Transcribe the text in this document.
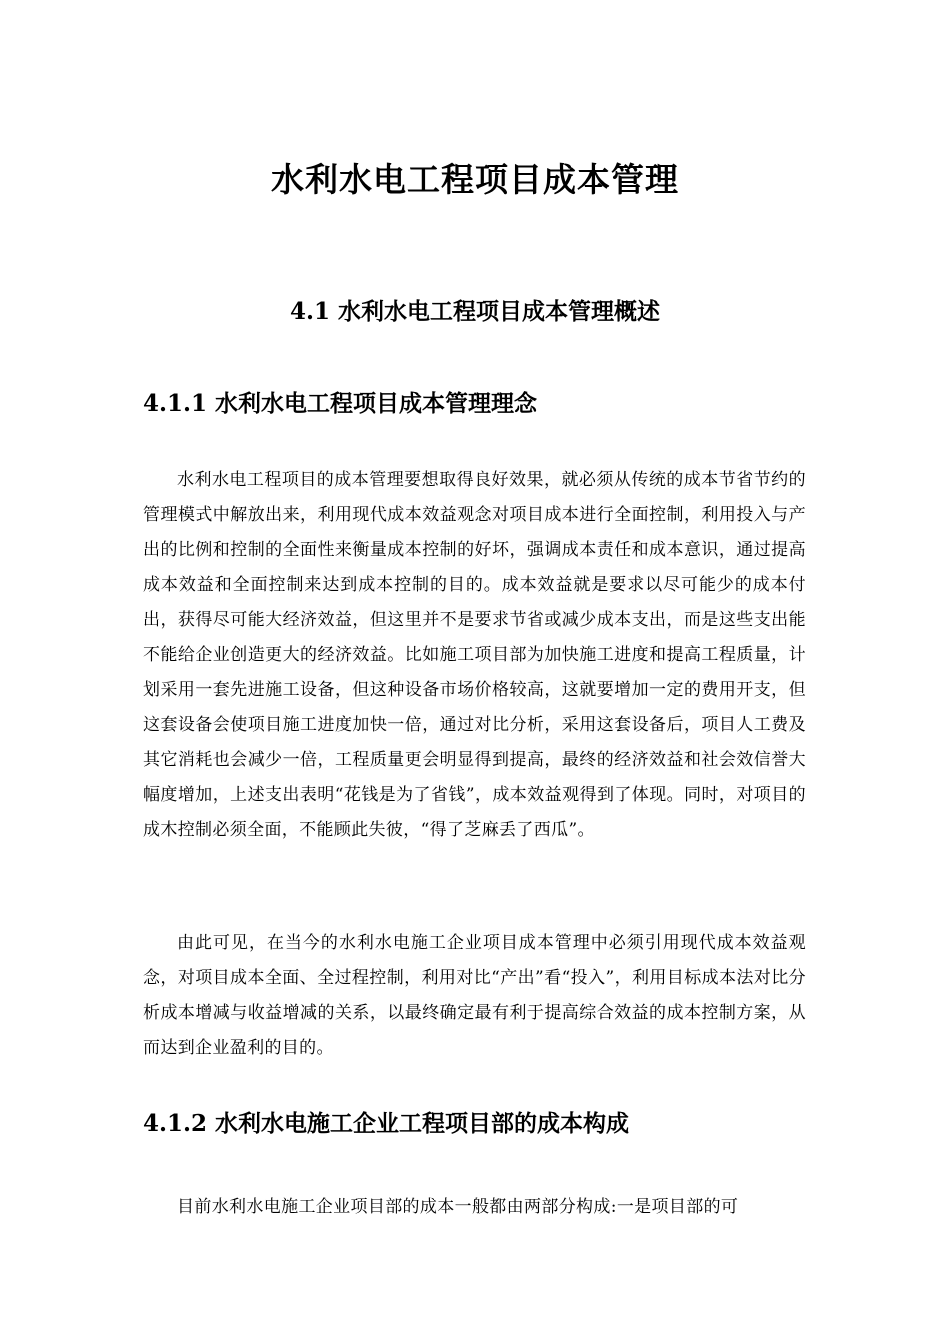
水利水电工程项目成本管理
4.1 水利水电工程项目成本管理概述
4.1.1 水利水电工程项目成本管理理念

水利水电工程项目的成本管理要想取得良好效果，就必须从传统的成本节省节约的管理模式中解放出来，利用现代成本效益观念对项目成本进行全面控制，利用投入与产出的比例和控制的全面性来衡量成本控制的好坏，强调成本责任和成本意识，通过提高成本效益和全面控制来达到成本控制的目的。成本效益就是要求以尽可能少的成本付出，获得尽可能大经济效益，但这里并不是要求节省或减少成本支出，而是这些支出能不能给企业创造更大的经济效益。比如施工项目部为加快施工进度和提高工程质量，计划采用一套先进施工设备，但这种设备市场价格较高，这就要增加一定的费用开支，但这套设备会使项目施工进度加快一倍，通过对比分析，采用这套设备后，项目人工费及其它消耗也会减少一倍，工程质量更会明显得到提高，最终的经济效益和社会效信誉大幅度增加，上述支出表明“花钱是为了省钱”，成本效益观得到了体现。同时，对项目的成木控制必须全面，不能顾此失彼，“得了芝麻丢了西瓜”。

由此可见，在当今的水利水电施工企业项目成本管理中必须引用现代成本效益观念，对项目成本全面、全过程控制，利用对比“产出”看“投入”，利用目标成本法对比分析成本增减与收益增减的关系，以最终确定最有利于提高综合效益的成本控制方案，从而达到企业盈利的目的。

4.1.2 水利水电施工企业工程项目部的成本构成

目前水利水电施工企业项目部的成本一般都由两部分构成:一是项目部的可
